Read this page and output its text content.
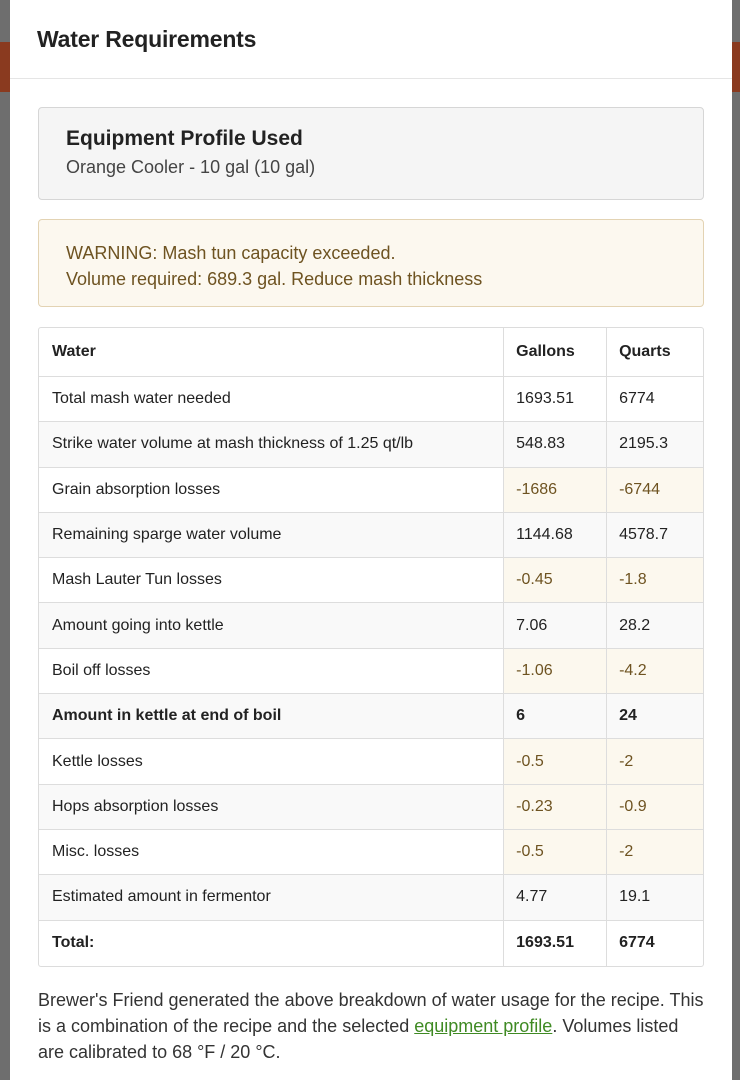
Water Requirements
Equipment Profile Used
Orange Cooler - 10 gal (10 gal)
WARNING: Mash tun capacity exceeded.
Volume required: 689.3 gal. Reduce mash thickness
Water	Gallons	Quarts
Total mash water needed	1693.51	6774
Strike water volume at mash thickness of 1.25 qt/lb	548.83	2195.3
Grain absorption losses	-1686	-6744
Remaining sparge water volume	1144.68	4578.7
Mash Lauter Tun losses	-0.45	-1.8
Amount going into kettle	7.06	28.2
Boil off losses	-1.06	-4.2
Amount in kettle at end of boil	6	24
Kettle losses	-0.5	-2
Hops absorption losses	-0.23	-0.9
Misc. losses	-0.5	-2
Estimated amount in fermentor	4.77	19.1
Total:	1693.51	6774

Brewer's Friend generated the above breakdown of water usage for the recipe. This is a combination of the recipe and the selected equipment profile. Volumes listed are calibrated to 68 °F / 20 °C.
